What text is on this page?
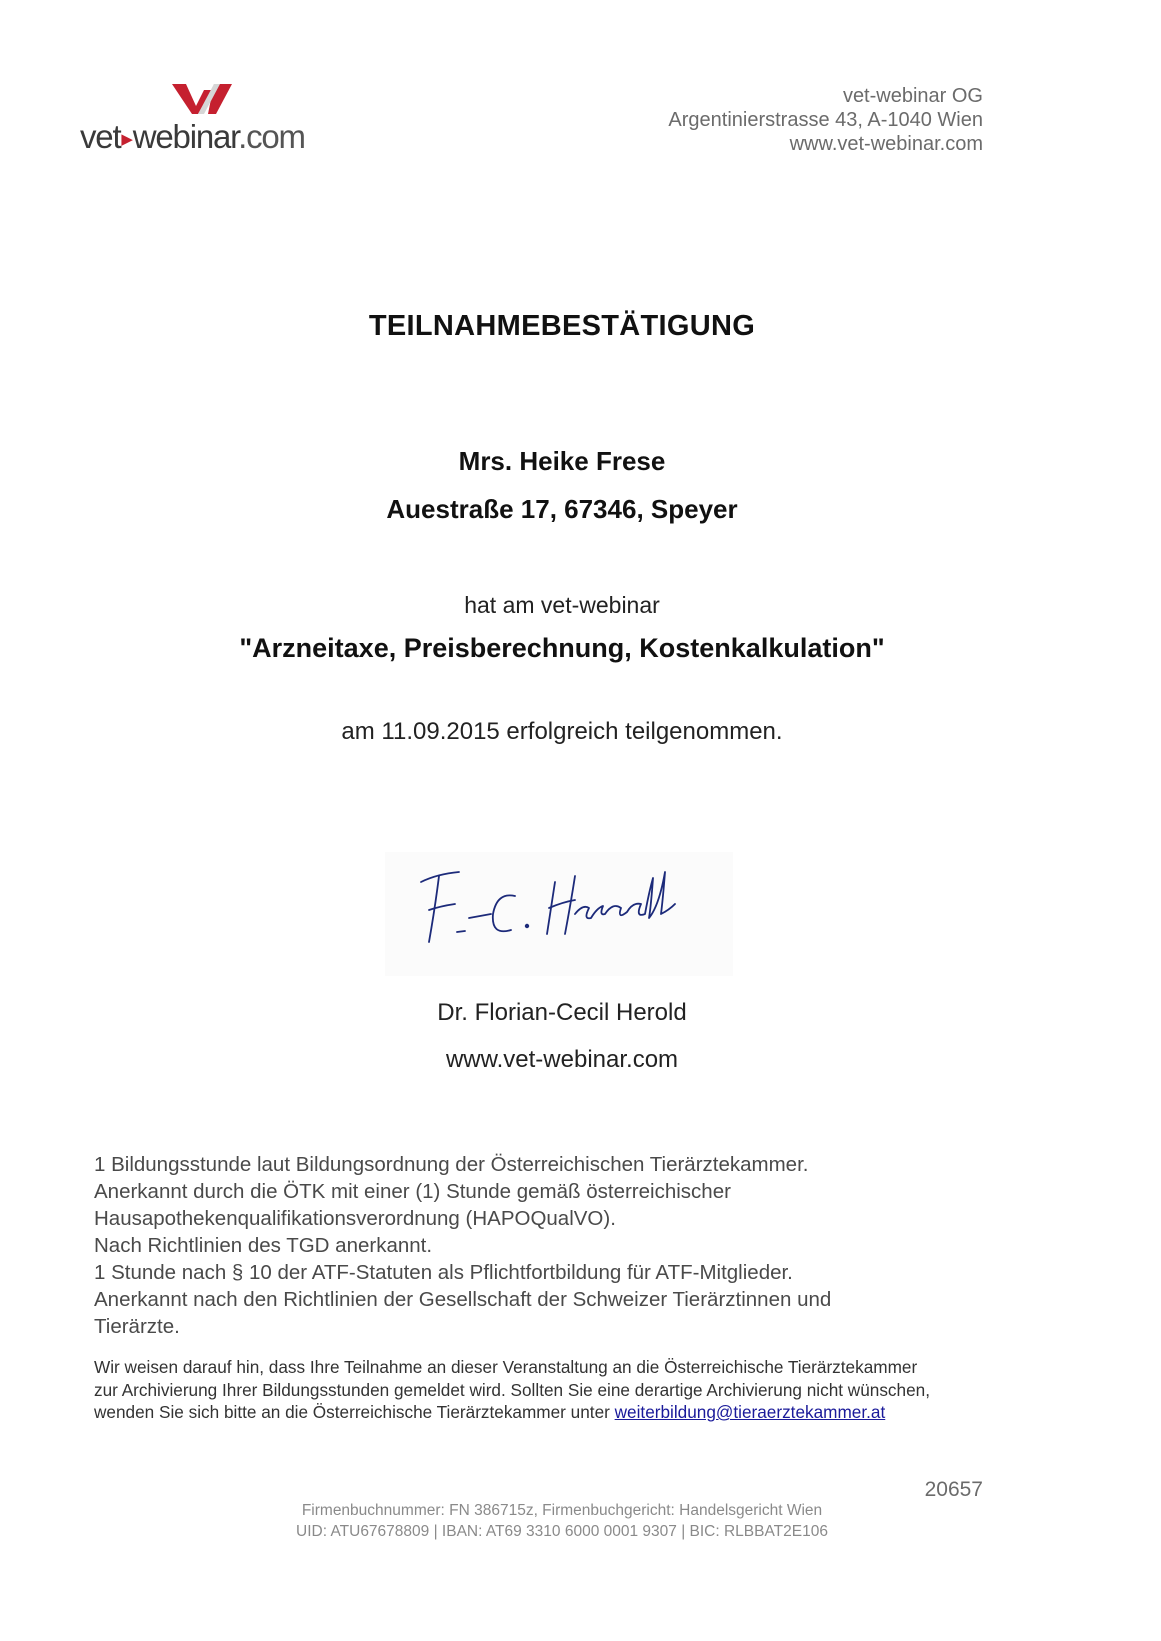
vet▶webinar.com
vet-webinar OG
Argentinierstrasse 43, A-1040 Wien
www.vet-webinar.com
TEILNAHMEBESTÄTIGUNG
Mrs. Heike Frese
Auestraße 17, 67346, Speyer
hat am vet-webinar
"Arzneitaxe, Preisberechnung, Kostenkalkulation"
am 11.09.2015 erfolgreich teilgenommen.
Dr. Florian-Cecil Herold
www.vet-webinar.com
1 Bildungsstunde laut Bildungsordnung der Österreichischen Tierärztekammer.
Anerkannt durch die ÖTK mit einer (1) Stunde gemäß österreichischer
Hausapothekenqualifikationsverordnung (HAPOQualVO).
Nach Richtlinien des TGD anerkannt.
1 Stunde nach § 10 der ATF-Statuten als Pflichtfortbildung für ATF-Mitglieder.
Anerkannt nach den Richtlinien der Gesellschaft der Schweizer Tierärztinnen und
Tierärzte.
Wir weisen darauf hin, dass Ihre Teilnahme an dieser Veranstaltung an die Österreichische Tierärztekammer
zur Archivierung Ihrer Bildungsstunden gemeldet wird. Sollten Sie eine derartige Archivierung nicht wünschen,
wenden Sie sich bitte an die Österreichische Tierärztekammer unter weiterbildung@tieraerztekammer.at
20657
Firmenbuchnummer: FN 386715z, Firmenbuchgericht: Handelsgericht Wien
UID: ATU67678809 | IBAN: AT69 3310 6000 0001 9307 | BIC: RLBBAT2E106
